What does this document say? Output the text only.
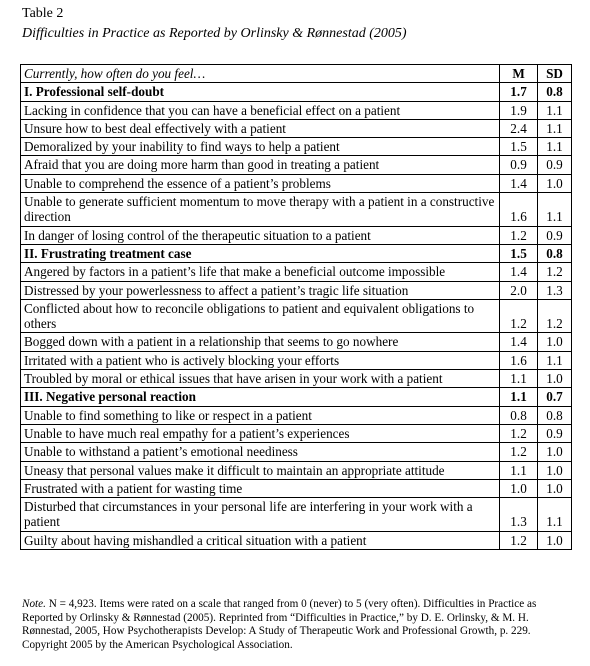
Table 2
Difficulties in Practice as Reported by Orlinsky & Rønnestad (2005)
Currently, how often do you feel…	M	SD
I. Professional self-doubt	1.7	0.8
Lacking in confidence that you can have a beneficial effect on a patient	1.9	1.1
Unsure how to best deal effectively with a patient	2.4	1.1
Demoralized by your inability to find ways to help a patient	1.5	1.1
Afraid that you are doing more harm than good in treating a patient	0.9	0.9
Unable to comprehend the essence of a patient’s problems	1.4	1.0
Unable to generate sufficient momentum to move therapy with a patient in a constructive direction	1.6	1.1
In danger of losing control of the therapeutic situation to a patient	1.2	0.9
II. Frustrating treatment case	1.5	0.8
Angered by factors in a patient’s life that make a beneficial outcome impossible	1.4	1.2
Distressed by your powerlessness to affect a patient’s tragic life situation	2.0	1.3
Conflicted about how to reconcile obligations to patient and equivalent obligations to others	1.2	1.2
Bogged down with a patient in a relationship that seems to go nowhere	1.4	1.0
Irritated with a patient who is actively blocking your efforts	1.6	1.1
Troubled by moral or ethical issues that have arisen in your work with a patient	1.1	1.0
III. Negative personal reaction	1.1	0.7
Unable to find something to like or respect in a patient	0.8	0.8
Unable to have much real empathy for a patient’s experiences	1.2	0.9
Unable to withstand a patient’s emotional neediness	1.2	1.0
Uneasy that personal values make it difficult to maintain an appropriate attitude	1.1	1.0
Frustrated with a patient for wasting time	1.0	1.0
Disturbed that circumstances in your personal life are interfering in your work with a patient	1.3	1.1
Guilty about having mishandled a critical situation with a patient	1.2	1.0
Note. N = 4,923. Items were rated on a scale that ranged from 0 (never) to 5 (very often). Difficulties in Practice as Reported by Orlinsky & Rønnestad (2005). Reprinted from “Difficulties in Practice,” by D. E. Orlinsky, & M. H. Rønnestad, 2005, How Psychotherapists Develop: A Study of Therapeutic Work and Professional Growth, p. 229. Copyright 2005 by the American Psychological Association.
